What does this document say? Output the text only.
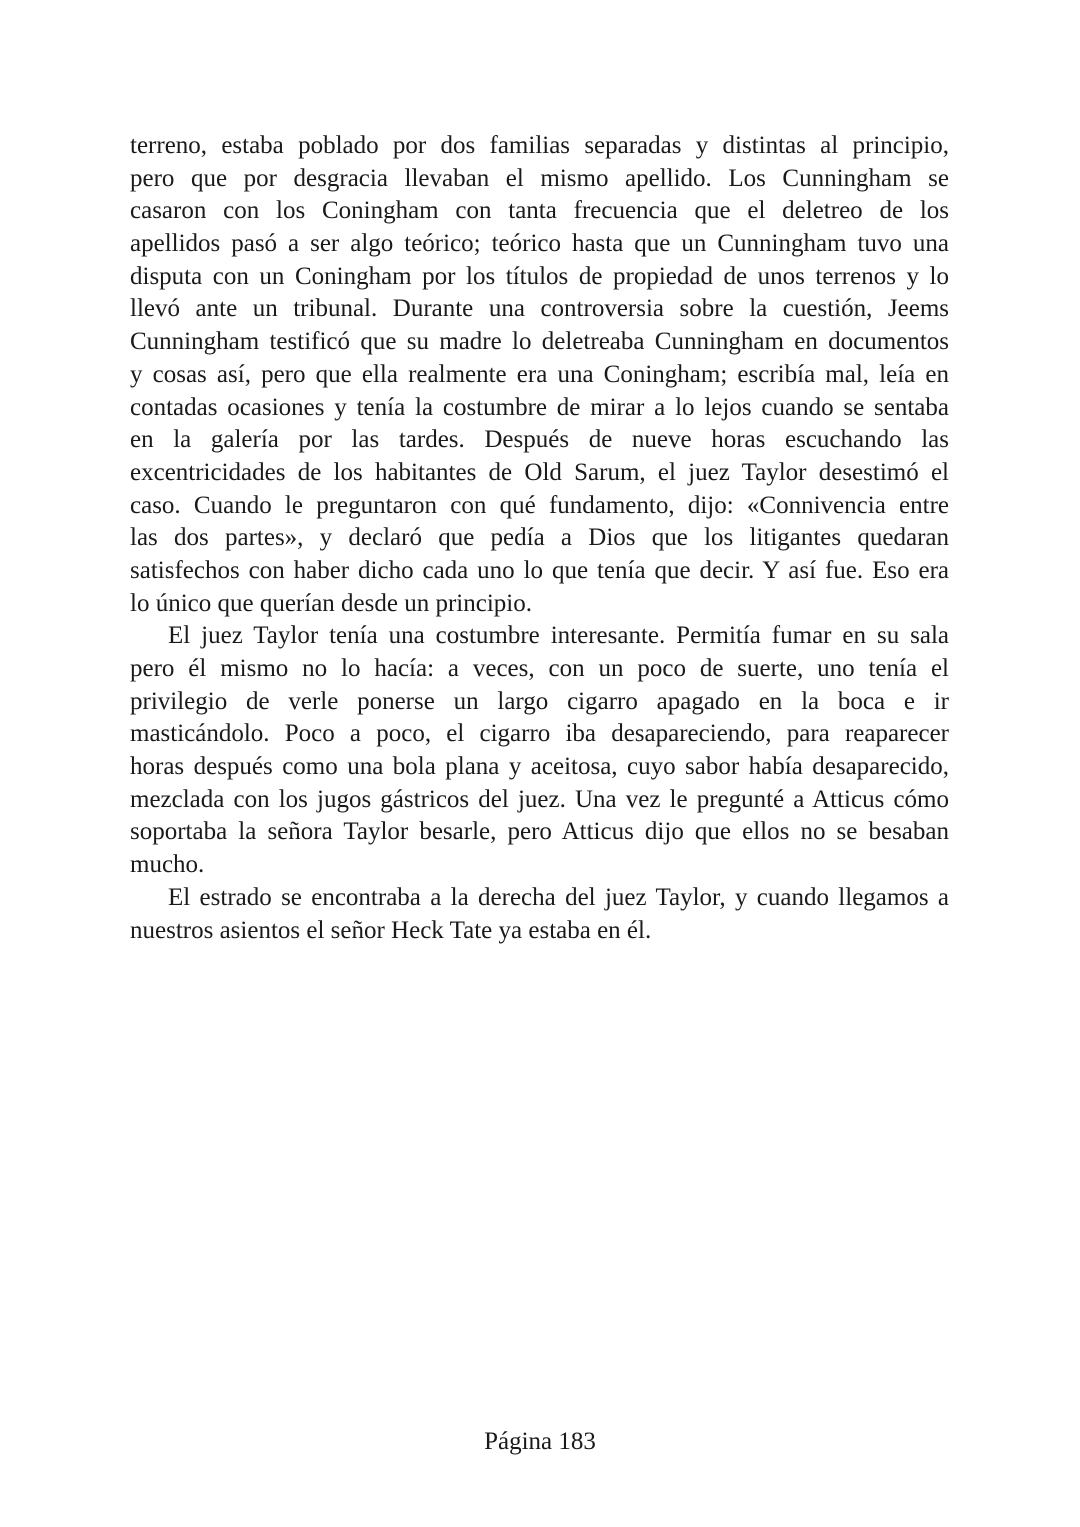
terreno, estaba poblado por dos familias separadas y distintas al principio,
pero que por desgracia llevaban el mismo apellido. Los Cunningham se
casaron con los Coningham con tanta frecuencia que el deletreo de los
apellidos pasó a ser algo teórico; teórico hasta que un Cunningham tuvo una
disputa con un Coningham por los títulos de propiedad de unos terrenos y lo
llevó ante un tribunal. Durante una controversia sobre la cuestión, Jeems
Cunningham testificó que su madre lo deletreaba Cunningham en documentos
y cosas así, pero que ella realmente era una Coningham; escribía mal, leía en
contadas ocasiones y tenía la costumbre de mirar a lo lejos cuando se sentaba
en la galería por las tardes. Después de nueve horas escuchando las
excentricidades de los habitantes de Old Sarum, el juez Taylor desestimó el
caso. Cuando le preguntaron con qué fundamento, dijo: «Connivencia entre
las dos partes», y declaró que pedía a Dios que los litigantes quedaran
satisfechos con haber dicho cada uno lo que tenía que decir. Y así fue. Eso era
lo único que querían desde un principio.
El juez Taylor tenía una costumbre interesante. Permitía fumar en su sala
pero él mismo no lo hacía: a veces, con un poco de suerte, uno tenía el
privilegio de verle ponerse un largo cigarro apagado en la boca e ir
masticándolo. Poco a poco, el cigarro iba desapareciendo, para reaparecer
horas después como una bola plana y aceitosa, cuyo sabor había desaparecido,
mezclada con los jugos gástricos del juez. Una vez le pregunté a Atticus cómo
soportaba la señora Taylor besarle, pero Atticus dijo que ellos no se besaban
mucho.
El estrado se encontraba a la derecha del juez Taylor, y cuando llegamos a
nuestros asientos el señor Heck Tate ya estaba en él.
Página 183
